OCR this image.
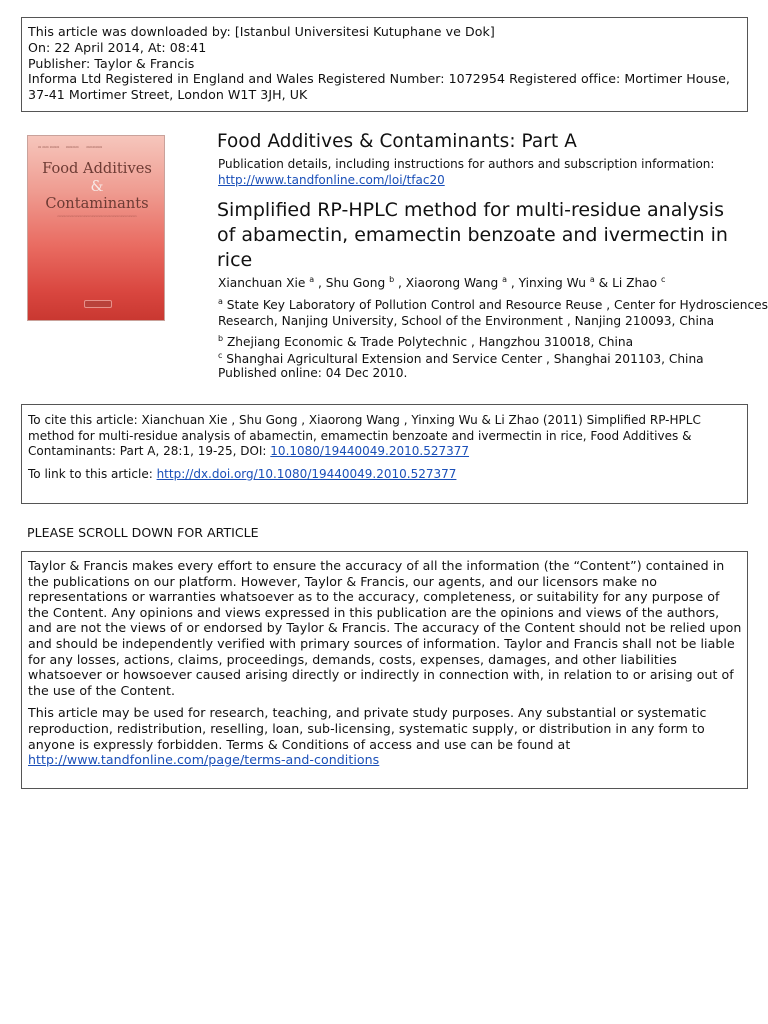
This article was downloaded by: [Istanbul Universitesi Kutuphane ve Dok]
On: 22 April 2014, At: 08:41
Publisher: Taylor & Francis
Informa Ltd Registered in England and Wales Registered Number: 1072954 Registered office: Mortimer House,
37-41 Mortimer Street, London W1T 3JH, UK
▭ ▭▭ ▭▭▭      ▭▭▭▭       ▭▭▭▭▭
Food Additives
&
Contaminants
▭▭▭▭▭▭▭▭▭▭▭▭▭▭▭▭▭▭▭▭▭▭▭▭▭▭▭▭▭▭
Food Additives & Contaminants: Part A
Publication details, including instructions for authors and subscription information:
http://www.tandfonline.com/loi/tfac20
Simplified RP-HPLC method for multi-residue analysis of abamectin, emamectin benzoate and ivermectin in rice
Xianchuan Xie $^a$ , Shu Gong $^b$ , Xiaorong Wang $^a$ , Yinxing Wu $^a$ & Li Zhao $^c$
$^a$ State Key Laboratory of Pollution Control and Resource Reuse , Center for Hydrosciences
Research, Nanjing University, School of the Environment , Nanjing 210093, China
$^b$ Zhejiang Economic & Trade Polytechnic , Hangzhou 310018, China
$^c$ Shanghai Agricultural Extension and Service Center , Shanghai 201103, China
Published online: 04 Dec 2010.
To cite this article: Xianchuan Xie , Shu Gong , Xiaorong Wang , Yinxing Wu & Li Zhao (2011) Simplified RP-HPLC method for multi-residue analysis of abamectin, emamectin benzoate and ivermectin in rice, Food Additives & Contaminants: Part A, 28:1, 19-25, DOI: 10.1080/19440049.2010.527377
To link to this article: http://dx.doi.org/10.1080/19440049.2010.527377
PLEASE SCROLL DOWN FOR ARTICLE

Taylor & Francis makes every effort to ensure the accuracy of all the information (the “Content”) contained in the publications on our platform. However, Taylor & Francis, our agents, and our licensors make no representations or warranties whatsoever as to the accuracy, completeness, or suitability for any purpose of the Content. Any opinions and views expressed in this publication are the opinions and views of the authors, and are not the views of or endorsed by Taylor & Francis. The accuracy of the Content should not be relied upon and should be independently verified with primary sources of information. Taylor and Francis shall not be liable for any losses, actions, claims, proceedings, demands, costs, expenses, damages, and other liabilities whatsoever or howsoever caused arising directly or indirectly in connection with, in relation to or arising out of the use of the Content.

This article may be used for research, teaching, and private study purposes. Any substantial or systematic reproduction, redistribution, reselling, loan, sub-licensing, systematic supply, or distribution in any form to anyone is expressly forbidden. Terms & Conditions of access and use can be found at http://www.tandfonline.com/page/terms-and-conditions
